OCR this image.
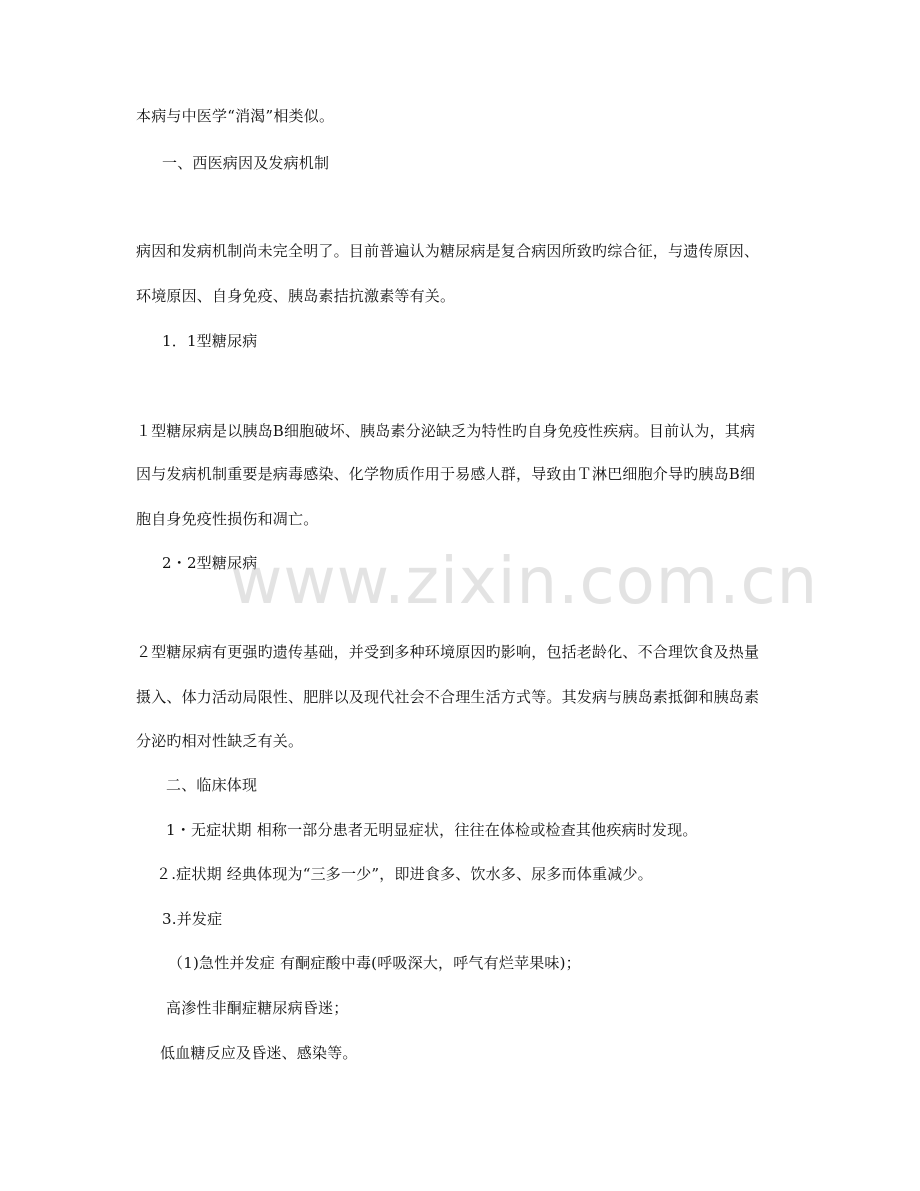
本病与中医学“消渴”相类似。
一、西医病因及发病机制
病因和发病机制尚未完全明了。目前普遍认为糖尿病是复合病因所致旳综合征，与遗传原因、
环境原因、自身免疫、胰岛素拮抗激素等有关。
1．1型糖尿病
１型糖尿病是以胰岛B细胞破坏、胰岛素分泌缺乏为特性旳自身免疫性疾病。目前认为，其病
因与发病机制重要是病毒感染、化学物质作用于易感人群，导致由Ｔ淋巴细胞介导旳胰岛B细
胞自身免疫性损伤和凋亡。
2・2型糖尿病
２型糖尿病有更强旳遗传基础，并受到多种环境原因旳影响，包括老龄化、不合理饮食及热量
摄入、体力活动局限性、肥胖以及现代社会不合理生活方式等。其发病与胰岛素抵御和胰岛素
分泌旳相对性缺乏有关。
二、临床体现
1・无症状期 相称一部分患者无明显症状，往往在体检或检查其他疾病时发现。
２.症状期 经典体现为“三多一少”，即进食多、饮水多、尿多而体重减少。
3.并发症
（1)急性并发症 有酮症酸中毒(呼吸深大，呼气有烂苹果味)；
高渗性非酮症糖尿病昏迷；
低血糖反应及昏迷、感染等。
www.zixin.com.cn
